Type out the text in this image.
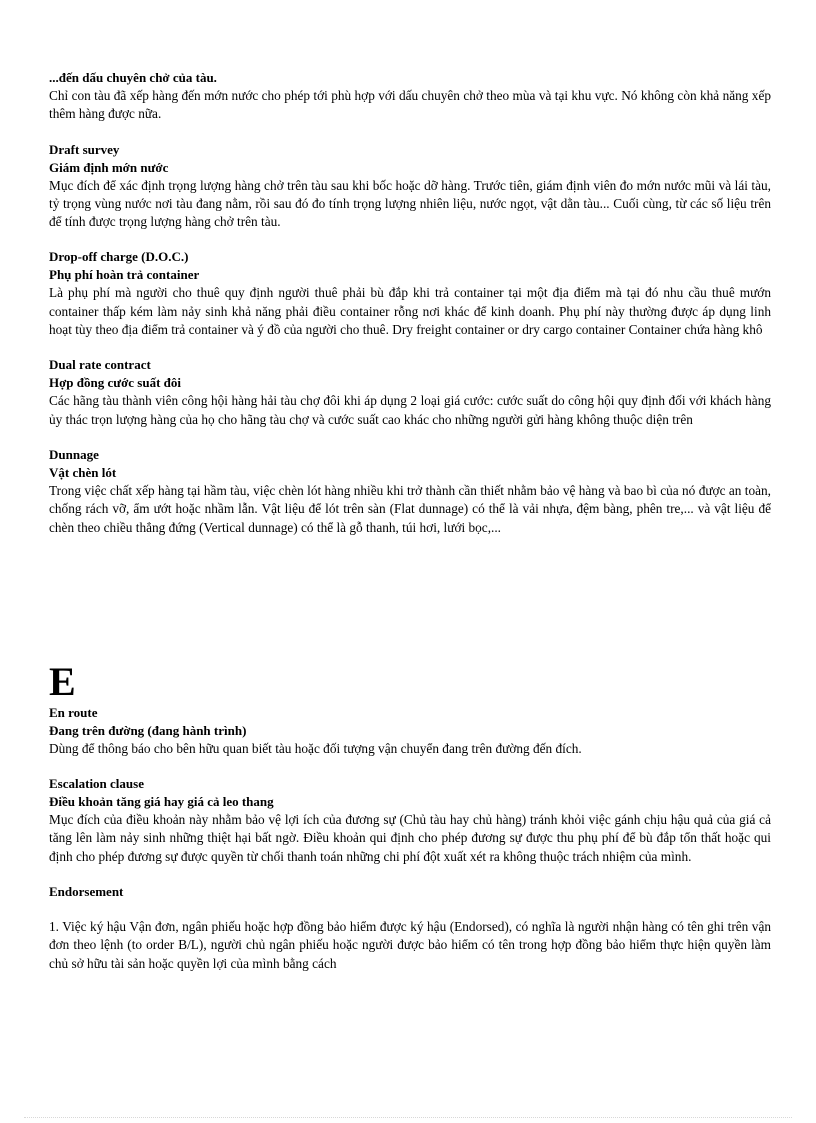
...đến dấu chuyên chở của tàu.

Chỉ con tàu đã xếp hàng đến mớn nước cho phép tới phù hợp với dấu chuyên chở theo mùa và tại khu vực. Nó không còn khả năng xếp thêm hàng được nữa.

Draft survey

Giám định mớn nước

Mục đích để xác định trọng lượng hàng chở trên tàu sau khi bốc hoặc dỡ hàng. Trước tiên, giám định viên đo mớn nước mũi và lái tàu, tỷ trọng vùng nước nơi tàu đang nằm, rồi sau đó đo tính trọng lượng nhiên liệu, nước ngọt, vật dằn tàu... Cuối cùng, từ các số liệu trên để tính được trọng lượng hàng chở trên tàu.

Drop-off charge (D.O.C.)

Phụ phí hoàn trả container

Là phụ phí mà người cho thuê quy định người thuê phải bù đắp khi trả container tại một địa điểm mà tại đó nhu cầu thuê mướn container thấp kém làm nảy sinh khả năng phải điều container rỗng nơi khác để kinh doanh. Phụ phí này thường được áp dụng linh hoạt tùy theo địa điểm trả container và ý đồ của người cho thuê. Dry freight container or dry cargo container Container chứa hàng khô

Dual rate contract

Hợp đồng cước suất đôi

Các hãng tàu thành viên công hội hàng hải tàu chợ đôi khi áp dụng 2 loại giá cước: cước suất do công hội quy định đối với khách hàng ủy thác trọn lượng hàng của họ cho hãng tàu chợ và cước suất cao khác cho những người gửi hàng không thuộc diện trên

Dunnage

Vật chèn lót

Trong việc chất xếp hàng tại hầm tàu, việc chèn lót hàng nhiều khi trở thành cần thiết nhằm bảo vệ hàng và bao bì của nó được an toàn, chống rách vỡ, ẩm ướt hoặc nhầm lẫn. Vật liệu để lót trên sàn (Flat dunnage) có thể là vải nhựa, đệm bàng, phên tre,... và vật liệu để chèn theo chiều thẳng đứng (Vertical dunnage) có thể là gỗ thanh, túi hơi, lưới bọc,...

E

En route

Đang trên đường (đang hành trình)

Dùng để thông báo cho bên hữu quan biết tàu hoặc đối tượng vận chuyển đang trên đường đến đích.

Escalation clause

Điều khoản tăng giá hay giá cả leo thang

Mục đích của điều khoản này nhằm bảo vệ lợi ích của đương sự (Chủ tàu hay chủ hàng) tránh khỏi việc gánh chịu hậu quả của giá cả tăng lên làm nảy sinh những thiệt hại bất ngờ. Điều khoản qui định cho phép đương sự được thu phụ phí để bù đắp tổn thất hoặc qui định cho phép đương sự được quyền từ chối thanh toán những chi phí đột xuất xét ra không thuộc trách nhiệm của mình.

Endorsement

1. Việc ký hậu Vận đơn, ngân phiếu hoặc hợp đồng bảo hiểm được ký hậu (Endorsed), có nghĩa là người nhận hàng có tên ghi trên vận đơn theo lệnh (to order B/L), người chủ ngân phiếu hoặc người được bảo hiểm có tên trong hợp đồng bảo hiểm thực hiện quyền làm chủ sở hữu tài sản hoặc quyền lợi của mình bằng cách
